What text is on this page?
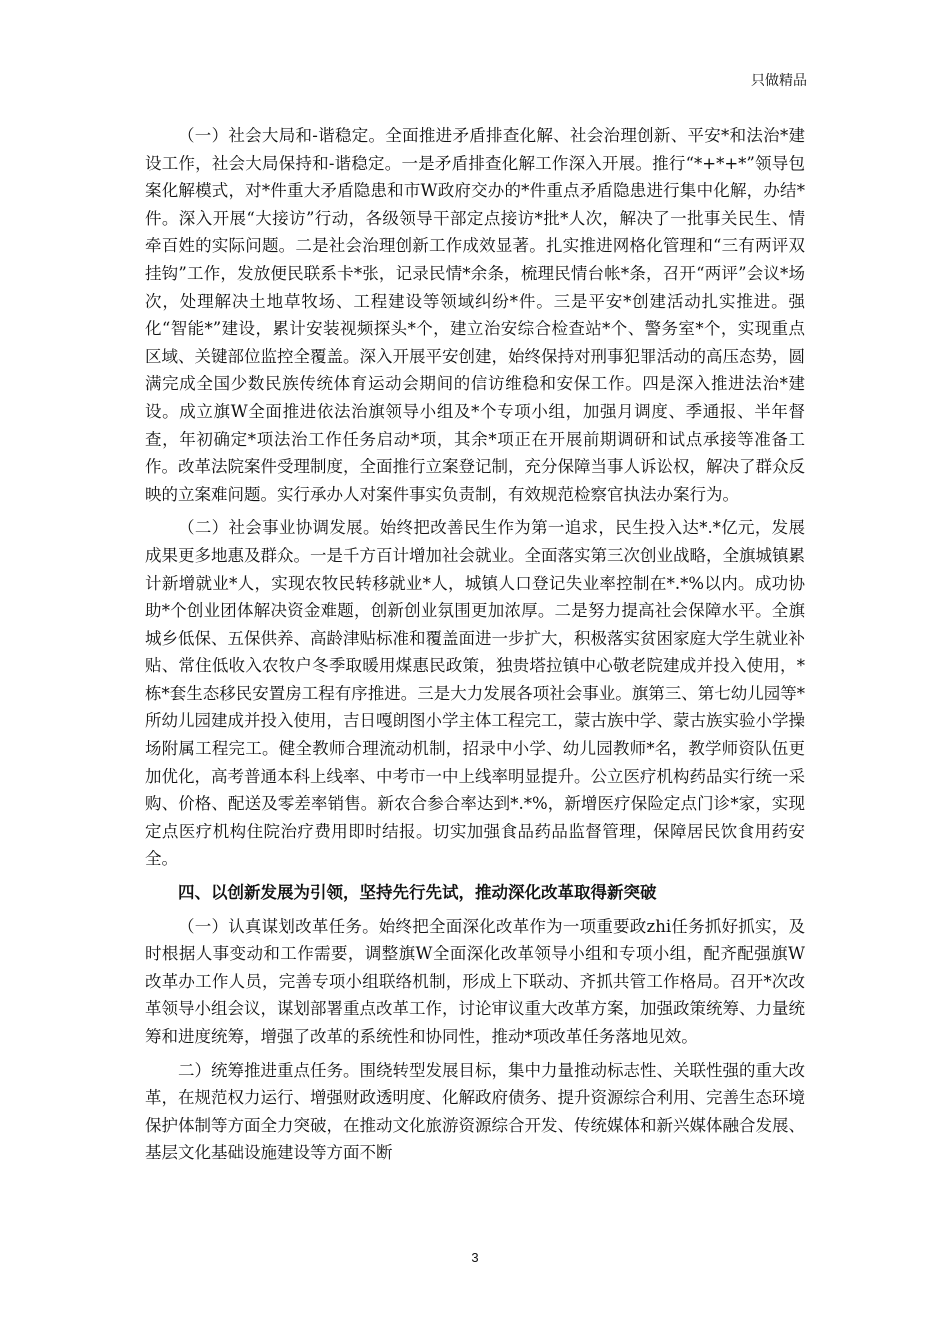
只做精品

（一）社会大局和-谐稳定。全面推进矛盾排查化解、社会治理创新、平安*和法治*建设工作，社会大局保持和-谐稳定。一是矛盾排查化解工作深入开展。推行“*+*+*”领导包案化解模式，对*件重大矛盾隐患和市W政府交办的*件重点矛盾隐患进行集中化解，办结*件。深入开展“大接访”行动，各级领导干部定点接访*批*人次，解决了一批事关民生、情牵百姓的实际问题。二是社会治理创新工作成效显著。扎实推进网格化管理和“三有两评双挂钩”工作，发放便民联系卡*张，记录民情*余条，梳理民情台帐*条，召开“两评”会议*场次，处理解决土地草牧场、工程建设等领域纠纷*件。三是平安*创建活动扎实推进。强化“智能*”建设，累计安装视频探头*个，建立治安综合检查站*个、警务室*个，实现重点区域、关键部位监控全覆盖。深入开展平安创建，始终保持对刑事犯罪活动的高压态势，圆满完成全国少数民族传统体育运动会期间的信访维稳和安保工作。四是深入推进法治*建设。成立旗W全面推进依法治旗领导小组及*个专项小组，加强月调度、季通报、半年督查，年初确定*项法治工作任务启动*项，其余*项正在开展前期调研和试点承接等准备工作。改革法院案件受理制度，全面推行立案登记制，充分保障当事人诉讼权，解决了群众反映的立案难问题。实行承办人对案件事实负责制，有效规范检察官执法办案行为。

（二）社会事业协调发展。始终把改善民生作为第一追求，民生投入达*.*亿元，发展成果更多地惠及群众。一是千方百计增加社会就业。全面落实第三次创业战略，全旗城镇累计新增就业*人，实现农牧民转移就业*人，城镇人口登记失业率控制在*.*%以内。成功协助*个创业团体解决资金难题，创新创业氛围更加浓厚。二是努力提高社会保障水平。全旗城乡低保、五保供养、高龄津贴标准和覆盖面进一步扩大，积极落实贫困家庭大学生就业补贴、常住低收入农牧户冬季取暖用煤惠民政策，独贵塔拉镇中心敬老院建成并投入使用，*栋*套生态移民安置房工程有序推进。三是大力发展各项社会事业。旗第三、第七幼儿园等*所幼儿园建成并投入使用，吉日嘎朗图小学主体工程完工，蒙古族中学、蒙古族实验小学操场附属工程完工。健全教师合理流动机制，招录中小学、幼儿园教师*名，教学师资队伍更加优化，高考普通本科上线率、中考市一中上线率明显提升。公立医疗机构药品实行统一采购、价格、配送及零差率销售。新农合参合率达到*.*%，新增医疗保险定点门诊*家，实现定点医疗机构住院治疗费用即时结报。切实加强食品药品监督管理，保障居民饮食用药安全。

四、以创新发展为引领，坚持先行先试，推动深化改革取得新突破

（一）认真谋划改革任务。始终把全面深化改革作为一项重要政zhi任务抓好抓实，及时根据人事变动和工作需要，调整旗W全面深化改革领导小组和专项小组，配齐配强旗W改革办工作人员，完善专项小组联络机制，形成上下联动、齐抓共管工作格局。召开*次改革领导小组会议，谋划部署重点改革工作，讨论审议重大改革方案，加强政策统筹、力量统筹和进度统筹，增强了改革的系统性和协同性，推动*项改革任务落地见效。

二）统筹推进重点任务。围绕转型发展目标，集中力量推动标志性、关联性强的重大改革，在规范权力运行、增强财政透明度、化解政府债务、提升资源综合利用、完善生态环境保护体制等方面全力突破，在推动文化旅游资源综合开发、传统媒体和新兴媒体融合发展、基层文化基础设施建设等方面不断

3
